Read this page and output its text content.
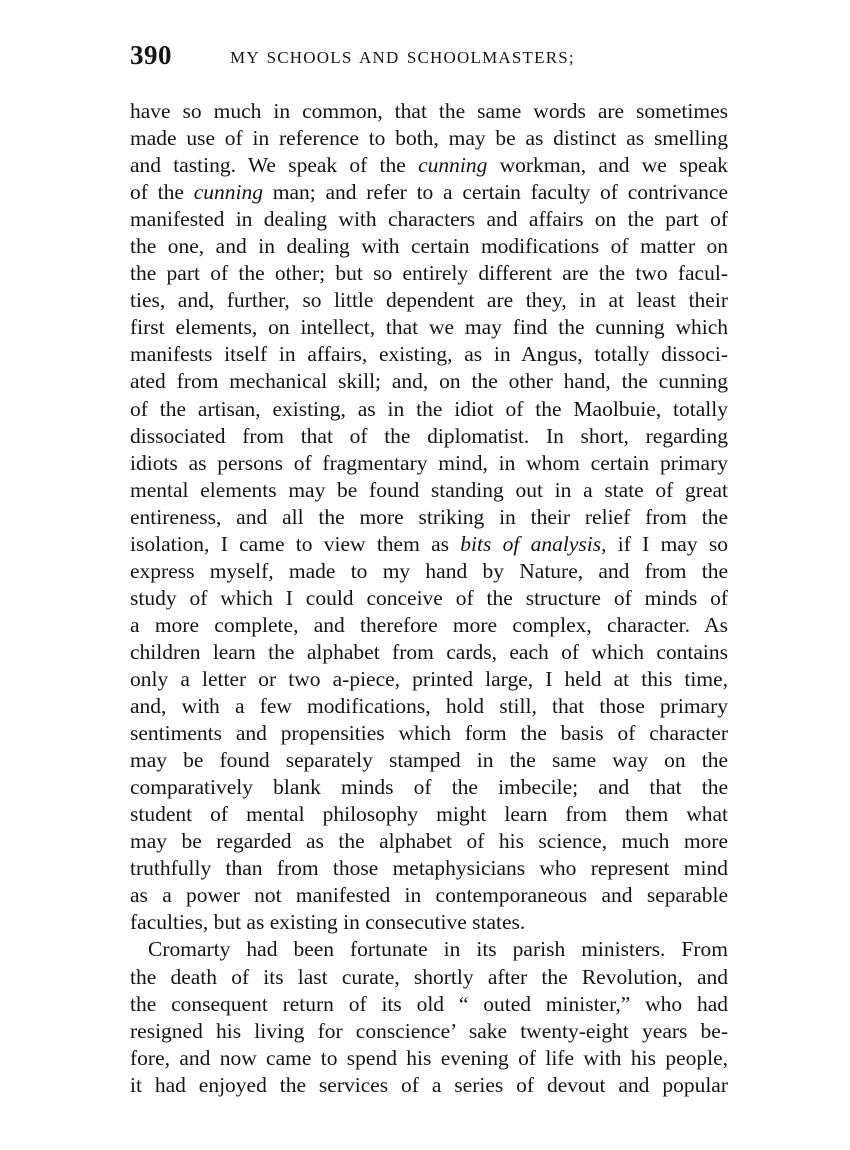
390	MY SCHOOLS AND SCHOOLMASTERS;
have so much in common, that the same words are sometimes
made use of in reference to both, may be as distinct as smelling
and tasting. We speak of the cunning workman, and we speak
of the cunning man; and refer to a certain faculty of contrivance
manifested in dealing with characters and affairs on the part of
the one, and in dealing with certain modifications of matter on
the part of the other; but so entirely different are the two facul-
ties, and, further, so little dependent are they, in at least their
first elements, on intellect, that we may find the cunning which
manifests itself in affairs, existing, as in Angus, totally dissoci-
ated from mechanical skill; and, on the other hand, the cunning
of the artisan, existing, as in the idiot of the Maolbuie, totally
dissociated from that of the diplomatist. In short, regarding
idiots as persons of fragmentary mind, in whom certain primary
mental elements may be found standing out in a state of great
entireness, and all the more striking in their relief from the
isolation, I came to view them as bits of analysis, if I may so
express myself, made to my hand by Nature, and from the
study of which I could conceive of the structure of minds of
a more complete, and therefore more complex, character. As
children learn the alphabet from cards, each of which contains
only a letter or two a-piece, printed large, I held at this time,
and, with a few modifications, hold still, that those primary
sentiments and propensities which form the basis of character
may be found separately stamped in the same way on the
comparatively blank minds of the imbecile; and that the
student of mental philosophy might learn from them what
may be regarded as the alphabet of his science, much more
truthfully than from those metaphysicians who represent mind
as a power not manifested in contemporaneous and separable
faculties, but as existing in consecutive states.
Cromarty had been fortunate in its parish ministers. From
the death of its last curate, shortly after the Revolution, and
the consequent return of its old “ outed minister,” who had
resigned his living for conscience’ sake twenty-eight years be-
fore, and now came to spend his evening of life with his people,
it had enjoyed the services of a series of devout and popular
